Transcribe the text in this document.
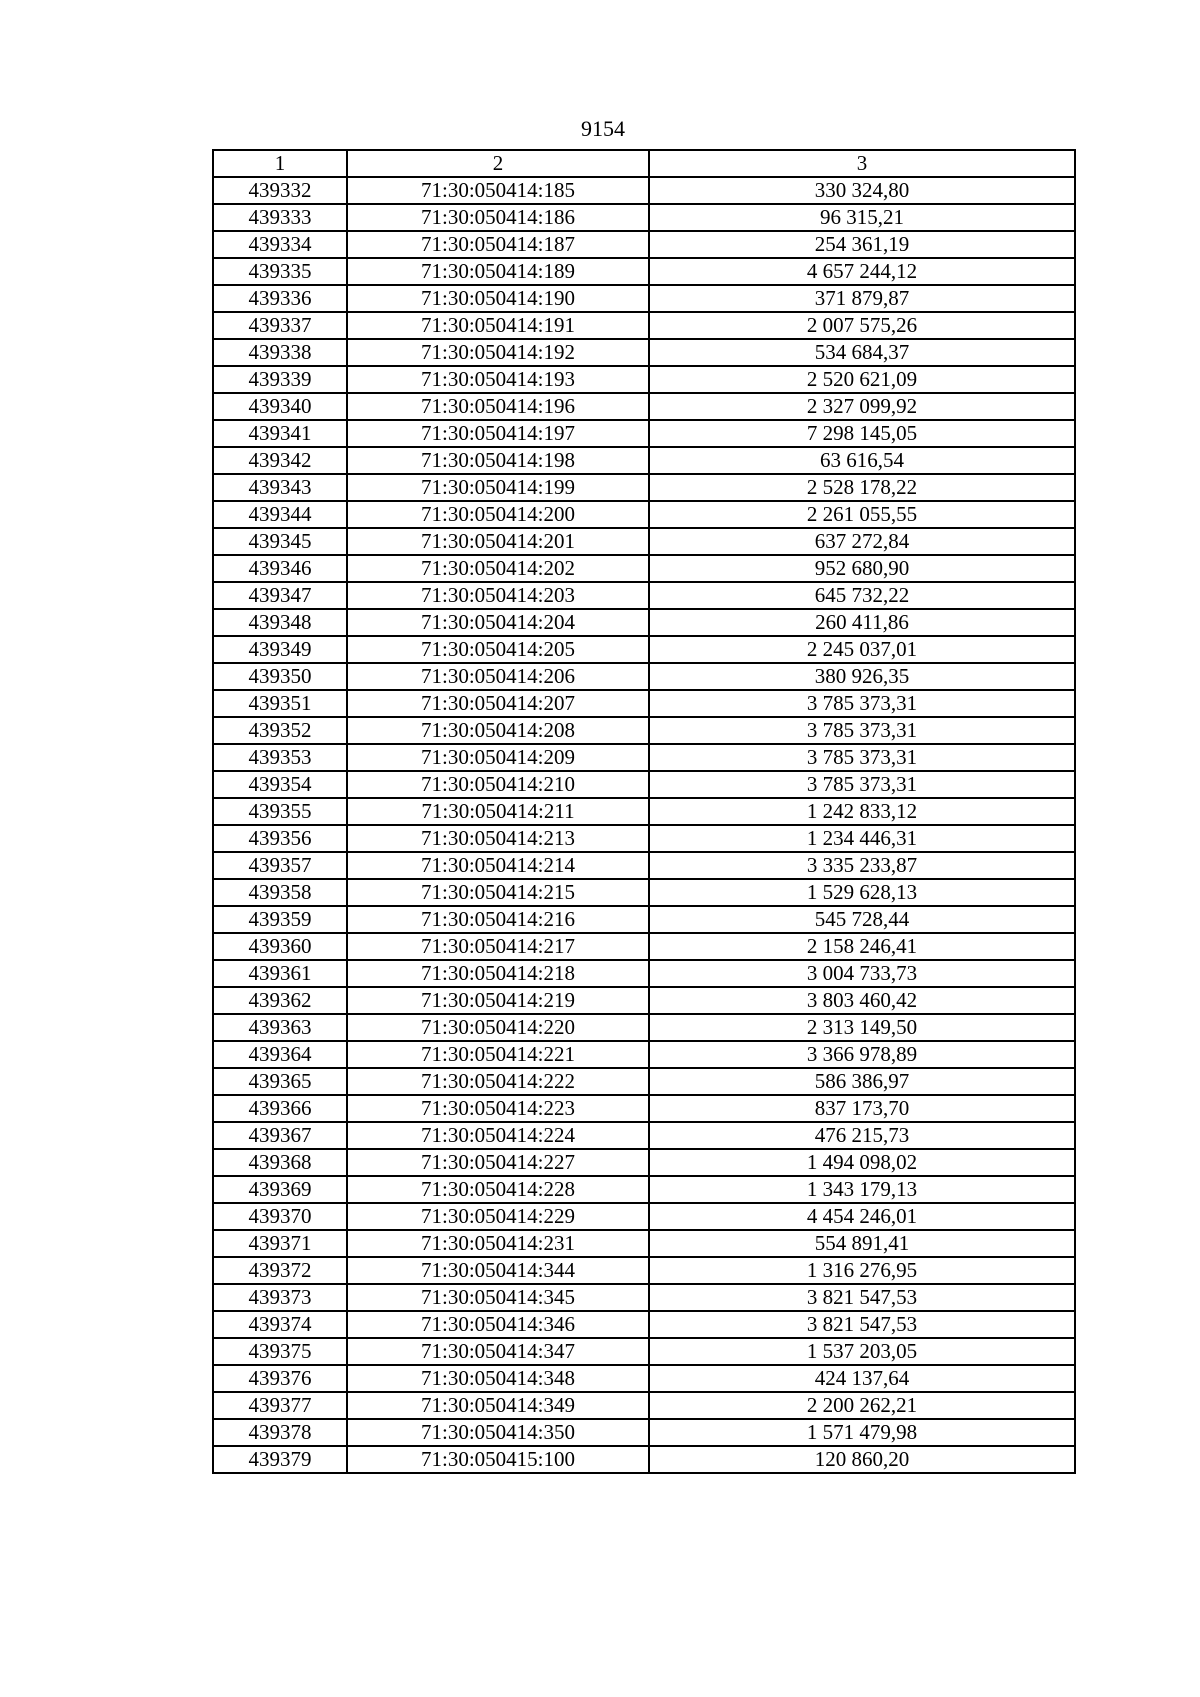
9154
1	2	3
439332	71:30:050414:185	330 324,80
439333	71:30:050414:186	96 315,21
439334	71:30:050414:187	254 361,19
439335	71:30:050414:189	4 657 244,12
439336	71:30:050414:190	371 879,87
439337	71:30:050414:191	2 007 575,26
439338	71:30:050414:192	534 684,37
439339	71:30:050414:193	2 520 621,09
439340	71:30:050414:196	2 327 099,92
439341	71:30:050414:197	7 298 145,05
439342	71:30:050414:198	63 616,54
439343	71:30:050414:199	2 528 178,22
439344	71:30:050414:200	2 261 055,55
439345	71:30:050414:201	637 272,84
439346	71:30:050414:202	952 680,90
439347	71:30:050414:203	645 732,22
439348	71:30:050414:204	260 411,86
439349	71:30:050414:205	2 245 037,01
439350	71:30:050414:206	380 926,35
439351	71:30:050414:207	3 785 373,31
439352	71:30:050414:208	3 785 373,31
439353	71:30:050414:209	3 785 373,31
439354	71:30:050414:210	3 785 373,31
439355	71:30:050414:211	1 242 833,12
439356	71:30:050414:213	1 234 446,31
439357	71:30:050414:214	3 335 233,87
439358	71:30:050414:215	1 529 628,13
439359	71:30:050414:216	545 728,44
439360	71:30:050414:217	2 158 246,41
439361	71:30:050414:218	3 004 733,73
439362	71:30:050414:219	3 803 460,42
439363	71:30:050414:220	2 313 149,50
439364	71:30:050414:221	3 366 978,89
439365	71:30:050414:222	586 386,97
439366	71:30:050414:223	837 173,70
439367	71:30:050414:224	476 215,73
439368	71:30:050414:227	1 494 098,02
439369	71:30:050414:228	1 343 179,13
439370	71:30:050414:229	4 454 246,01
439371	71:30:050414:231	554 891,41
439372	71:30:050414:344	1 316 276,95
439373	71:30:050414:345	3 821 547,53
439374	71:30:050414:346	3 821 547,53
439375	71:30:050414:347	1 537 203,05
439376	71:30:050414:348	424 137,64
439377	71:30:050414:349	2 200 262,21
439378	71:30:050414:350	1 571 479,98
439379	71:30:050415:100	120 860,20
